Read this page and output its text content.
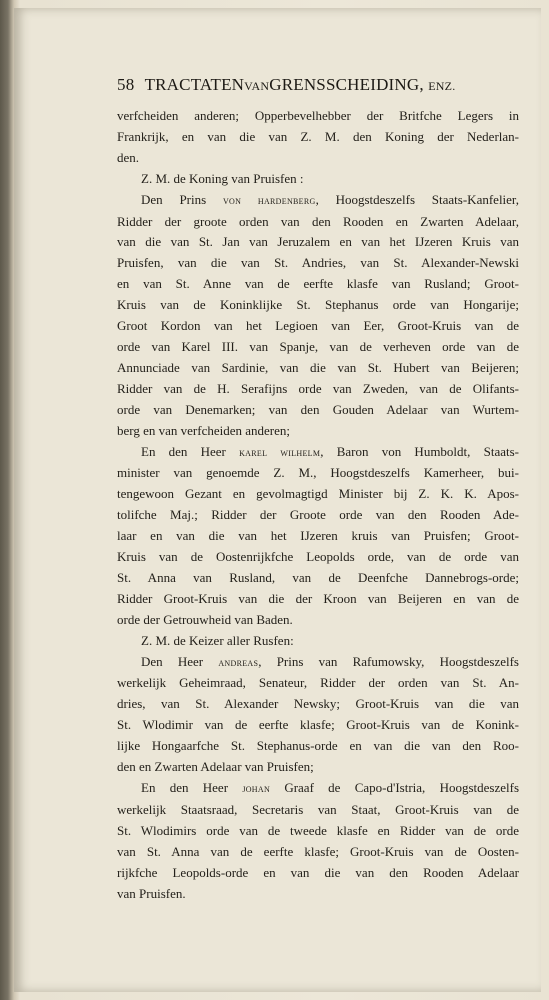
58 TRACTATENVANGRENSSCHEIDING, ENZ.
verfcheiden anderen; Opperbevelhebber der Britfche Legers in
Frankrijk, en van die van Z. M. den Koning der Nederlan-
den.
Z. M. de Koning van Pruisfen :
Den Prins von hardenberg, Hoogstdeszelfs Staats-Kanfelier,
Ridder der groote orden van den Rooden en Zwarten Adelaar,
van die van St. Jan van Jeruzalem en van het IJzeren Kruis van
Pruisfen, van die van St. Andries, van St. Alexander-Newski
en van St. Anne van de eerfte klasfe van Rusland; Groot-
Kruis van de Koninklijke St. Stephanus orde van Hongarije;
Groot Kordon van het Legioen van Eer, Groot-Kruis van de
orde van Karel III. van Spanje, van de verheven orde van de
Annunciade van Sardinie, van die van St. Hubert van Beijeren;
Ridder van de H. Serafijns orde van Zweden, van de Olifants-
orde van Denemarken; van den Gouden Adelaar van Wurtem-
berg en van verfcheiden anderen;
En den Heer karel wilhelm, Baron von Humboldt, Staats-
minister van genoemde Z. M., Hoogstdeszelfs Kamerheer, bui-
tengewoon Gezant en gevolmagtigd Minister bij Z. K. K. Apos-
tolifche Maj.; Ridder der Groote orde van den Rooden Ade-
laar en van die van het IJzeren kruis van Pruisfen; Groot-
Kruis van de Oostenrijkfche Leopolds orde, van de orde van
St. Anna van Rusland, van de Deenfche Dannebrogs-orde;
Ridder Groot-Kruis van die der Kroon van Beijeren en van de
orde der Getrouwheid van Baden.
Z. M. de Keizer aller Rusfen:
Den Heer andreas, Prins van Rafumowsky, Hoogstdeszelfs
werkelijk Geheimraad, Senateur, Ridder der orden van St. An-
dries, van St. Alexander Newsky; Groot-Kruis van die van
St. Wlodimir van de eerfte klasfe; Groot-Kruis van de Konink-
lijke Hongaarfche St. Stephanus-orde en van die van den Roo-
den en Zwarten Adelaar van Pruisfen;
En den Heer johan Graaf de Capo-d'Istria, Hoogstdeszelfs
werkelijk Staatsraad, Secretaris van Staat, Groot-Kruis van de
St. Wlodimirs orde van de tweede klasfe en Ridder van de orde
van St. Anna van de eerfte klasfe; Groot-Kruis van de Oosten-
rijkfche Leopolds-orde en van die van den Rooden Adelaar
van Pruisfen.
